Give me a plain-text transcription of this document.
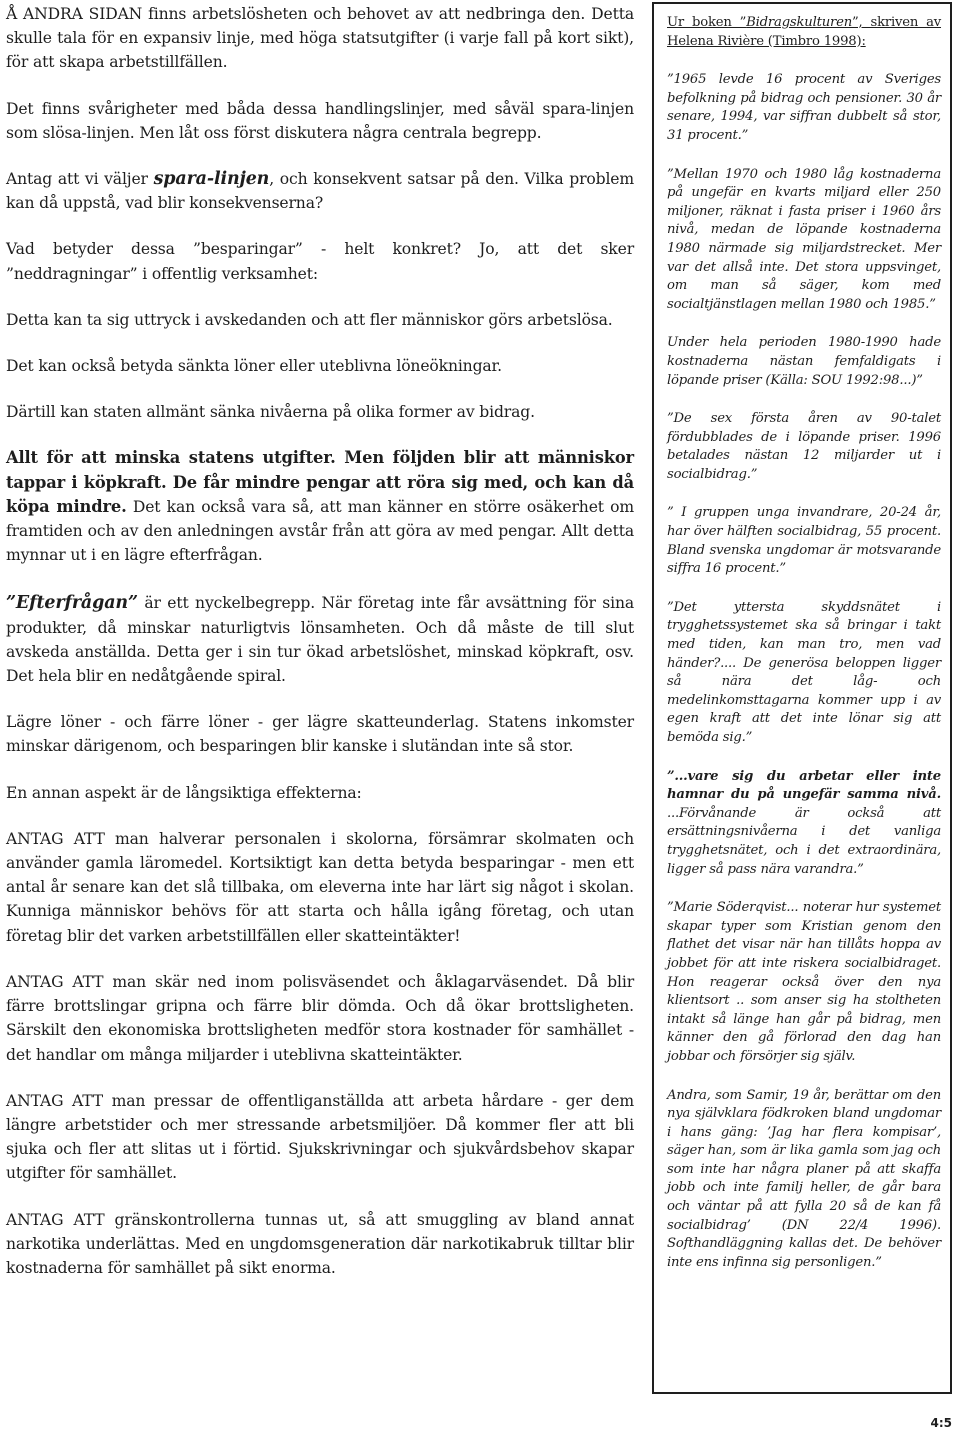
Å ANDRA SIDAN finns arbetslösheten och behovet av att nedbringa den. Detta skulle tala för en expansiv linje, med höga statsutgifter (i varje fall på kort sikt), för att skapa arbetstillfällen.

Det finns svårigheter med båda dessa handlingslinjer, med såväl spara-linjen som slösa-linjen. Men låt oss först diskutera några centrala begrepp.

Antag att vi väljer spara-linjen, och konsekvent satsar på den. Vilka problem kan då uppstå, vad blir konsekvenserna?

Vad betyder dessa ”besparingar” - helt konkret? Jo, att det sker ”neddragningar” i offentlig verksamhet:

Detta kan ta sig uttryck i avskedanden och att fler människor görs arbetslösa.

Det kan också betyda sänkta löner eller uteblivna löneökningar.

Därtill kan staten allmänt sänka nivåerna på olika former av bidrag.

Allt för att minska statens utgifter. Men följden blir att människor tappar i köpkraft. De får mindre pengar att röra sig med, och kan då köpa mindre. Det kan också vara så, att man känner en större osäkerhet om framtiden och av den anledningen avstår från att göra av med pengar. Allt detta mynnar ut i en lägre efterfrågan.

”Efterfrågan” är ett nyckelbegrepp. När företag inte får avsättning för sina produkter, då minskar naturligtvis lönsamheten. Och då måste de till slut avskeda anställda. Detta ger i sin tur ökad arbetslöshet, minskad köpkraft, osv. Det hela blir en nedåtgående spiral.

Lägre löner - och färre löner - ger lägre skatteunderlag. Statens inkomster minskar därigenom, och besparingen blir kanske i slutändan inte så stor.

En annan aspekt är de långsiktiga effekterna:

ANTAG ATT man halverar personalen i skolorna, försämrar skolmaten och använder gamla läromedel. Kortsiktigt kan detta betyda besparingar - men ett antal år senare kan det slå tillbaka, om eleverna inte har lärt sig något i skolan. Kunniga människor behövs för att starta och hålla igång företag, och utan företag blir det varken arbetstillfällen eller skatteintäkter!

ANTAG ATT man skär ned inom polisväsendet och åklagarväsendet. Då blir färre brottslingar gripna och färre blir dömda. Och då ökar brottsligheten. Särskilt den ekonomiska brottsligheten medför stora kostnader för samhället - det handlar om många miljarder i uteblivna skatteintäkter.

ANTAG ATT man pressar de offentliganställda att arbeta hårdare - ger dem längre arbetstider och mer stressande arbetsmiljöer. Då kommer fler att bli sjuka och fler att slitas ut i förtid. Sjukskrivningar och sjukvårdsbehov skapar utgifter för samhället.

ANTAG ATT gränskontrollerna tunnas ut, så att smuggling av bland annat narkotika underlättas. Med en ungdomsgeneration där narkotikabruk tilltar blir kostnaderna för samhället på sikt enorma.

Ur boken ”Bidragskulturen”, skriven av Helena Rivière (Timbro 1998):

”1965 levde 16 procent av Sveriges befolkning på bidrag och pensioner. 30 år senare, 1994, var siffran dubbelt så stor, 31 procent.”

”Mellan 1970 och 1980 låg kostnaderna på ungefär en kvarts miljard eller 250 miljoner, räknat i fasta priser i 1960 års nivå, medan de löpande kostnaderna 1980 närmade sig miljardstrecket. Mer var det allså inte. Det stora uppsvinget, om man så säger, kom med socialtjänstlagen mellan 1980 och 1985.”

Under hela perioden 1980-1990 hade kostnaderna nästan femfaldigats i löpande priser (Källa: SOU 1992:98...)”

”De sex första åren av 90-talet fördubblades de i löpande priser. 1996 betalades nästan 12 miljarder ut i socialbidrag.”

” I gruppen unga invandrare, 20-24 år, har över hälften socialbidrag, 55 procent. Bland svenska ungdomar är motsvarande siffra 16 procent.”

”Det yttersta skyddsnätet i trygghetssystemet ska så bringar i takt med tiden, kan man tro, men vad händer?.... De generösa beloppen ligger så nära det låg- och medelinkomsttagarna kommer upp i av egen kraft att det inte lönar sig att bemöda sig.”

”...vare sig du arbetar eller inte hamnar du på ungefär samma nivå. ...Förvånande är också att ersättningsnivåerna i det vanliga trygghetsnätet, och i det extraordinära, ligger så pass nära varandra.”

”Marie Söderqvist... noterar hur systemet skapar typer som Kristian genom den flathet det visar när han tillåts hoppa av jobbet för att inte riskera socialbidraget. Hon reagerar också över den nya klientsort .. som anser sig ha stoltheten intakt så länge han går på bidrag, men känner den gå förlorad den dag han jobbar och försörjer sig själv.

Andra, som Samir, 19 år, berättar om den nya självklara födkroken bland ungdomar i hans gäng: ’Jag har flera kompisar’, säger han, som är lika gamla som jag och som inte har några planer på att skaffa jobb och inte familj heller, de går bara och väntar på att fylla 20 så de kan få socialbidrag’ (DN 22/4 1996). Softhandläggning kallas det. De behöver inte ens infinna sig personligen.”

4:5
